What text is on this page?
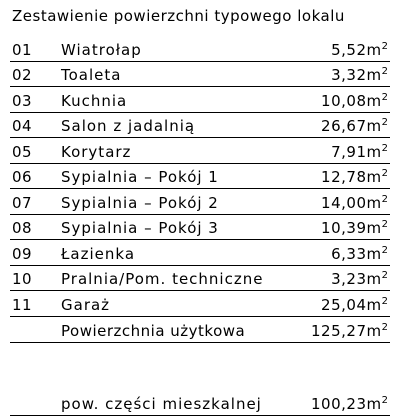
Zestawienie powierzchni typowego lokalu
01 Wiatrołap	$5,52m^2$
02 Toaleta	$3,32m^2$
03 Kuchnia	$10,08m^2$
04 Salon z jadalnią	$26,67m^2$
05 Korytarz	$7,91m^2$
06 Sypialnia – Pokój 1	$12,78m^2$
07 Sypialnia – Pokój 2	$14,00m^2$
08 Sypialnia – Pokój 3	$10,39m^2$
09 Łazienka	$6,33m^2$
10 Pralnia/Pom. techniczne	$3,23m^2$
11 Garaż	$25,04m^2$
Powierzchnia użytkowa	$125,27m^2$
pow. części mieszkalnej	$100,23m^2$
